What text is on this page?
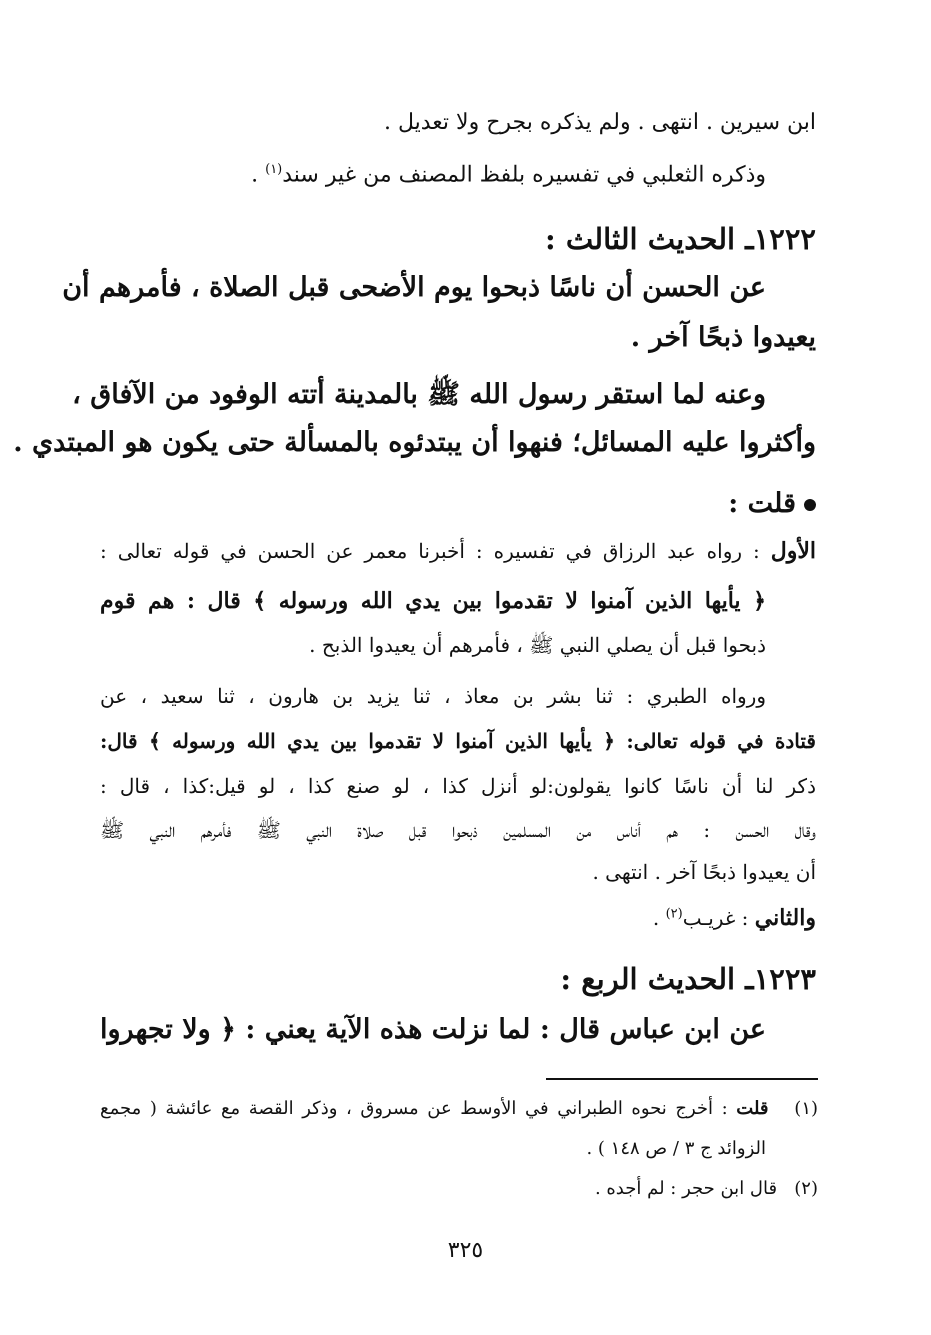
ابن سيرين . انتهى . ولم يذكره بجرح ولا تعديل .

وذكره الثعلبي في تفسيره بلفظ المصنف من غير سند$^{(١)}$ .

١٢٢٢ـ الحديث الثالث :

عن الحسن أن ناسًا ذبحوا يوم الأضحى قبل الصلاة ، فأمرهم أن

يعيدوا ذبحًا آخر .

وعنه لما استقر رسول الله ﷺ بالمدينة أتته الوفود من الآفاق ،

وأكثروا عليه المسائل؛ فنهوا أن يبتدئوه بالمسألة حتى يكون هو المبتدي .

قلت :

الأول : رواه عبد الرزاق في تفسيره : أخبرنا معمر عن الحسن في قوله تعالى :

﴿ يأيها الذين آمنوا لا تقدموا بين يدي الله ورسوله ﴾ قال : هم قوم

ذبحوا قبل أن يصلي النبي ﷺ ، فأمرهم أن يعيدوا الذبح .

ورواه الطبري : ثنا بشر بن معاذ ، ثنا يزيد بن هارون ، ثنا سعيد ، عن

قتادة في قوله تعالى: ﴿ يأيها الذين آمنوا لا تقدموا بين يدي الله ورسوله ﴾ قال:

ذكر لنا أن ناسًا كانوا يقولون:لو أنزل كذا ، لو صنع كذا ، لو قيل:كذا ، قال :

وقال الحسن : هم أناس من المسلمين ذبحوا قبل صلاة النبي ﷺ فأمرهم النبي ﷺ

أن يعيدوا ذبحًا آخر . انتهى .

والثاني : غريـب$^{(٢)}$ .

١٢٢٣ـ الحديث الربع :

عن ابن عباس قال : لما نزلت هذه الآية يعني : ﴿ ولا تجهروا

(١)   قلت : أخرج نحوه الطبراني في الأوسط عن مسروق ، وذكر القصة مع عائشة ( مجمع

الزوائد ج ٣ / ص ١٤٨ ) .

(٢)   قال ابن حجر : لم أجده .

٣٢٥
